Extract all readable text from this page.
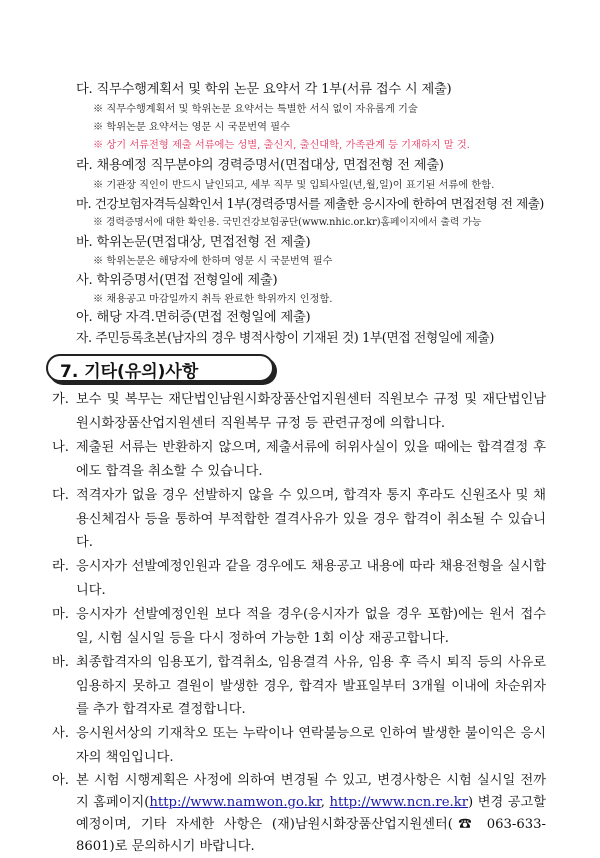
다. 직무수행계획서 및 학위 논문 요약서 각 1부(서류 접수 시 제출)
※ 직무수행계획서 및 학위논문 요약서는 특별한 서식 없이 자유롭게 기술
※ 학위논문 요약서는 영문 시 국문번역 필수
※ 상기 서류전형 제출 서류에는 성별, 출신지, 출신대학, 가족관계 등 기재하지 말 것.
라. 채용예정 직무분야의 경력증명서(면접대상, 면접전형 전 제출)
※ 기관장 직인이 반드시 날인되고, 세부 직무 및 입퇴사일(년,월,일)이 표기된 서류에 한함.
마. 건강보험자격득실확인서 1부(경력증명서를 제출한 응시자에 한하여 면접전형 전 제출)
※ 경력증명서에 대한 확인용. 국민건강보험공단(www.nhic.or.kr)홈페이지에서 출력 가능
바. 학위논문(면접대상, 면접전형 전 제출)
※ 학위논문은 해당자에 한하며 영문 시 국문번역 필수
사. 학위증명서(면접 전형일에 제출)
※ 채용공고 마감일까지 취득 완료한 학위까지 인정함.
아. 해당 자격.면허증(면접 전형일에 제출)
자. 주민등록초본(남자의 경우 병적사항이 기재된 것) 1부(면접 전형일에 제출)
7. 기타(유의)사항
가. 보수 및 복무는 재단법인남원시화장품산업지원센터 직원보수 규정 및 재단법인남원시화장품산업지원센터 직원복무 규정 등 관련규정에 의합니다.
나. 제출된 서류는 반환하지 않으며, 제출서류에 허위사실이 있을 때에는 합격결정 후에도 합격을 취소할 수 있습니다.
다. 적격자가 없을 경우 선발하지 않을 수 있으며, 합격자 통지 후라도 신원조사 및 채용신체검사 등을 통하여 부적합한 결격사유가 있을 경우 합격이 취소될 수 있습니다.
라. 응시자가 선발예정인원과 같을 경우에도 채용공고 내용에 따라 채용전형을 실시합니다.
마. 응시자가 선발예정인원 보다 적을 경우(응시자가 없을 경우 포함)에는 원서 접수일, 시험 실시일 등을 다시 정하여 가능한 1회 이상 재공고합니다.
바. 최종합격자의 임용포기, 합격취소, 임용결격 사유, 임용 후 즉시 퇴직 등의 사유로 임용하지 못하고 결원이 발생한 경우, 합격자 발표일부터 3개월 이내에 차순위자를 추가 합격자로 결정합니다.
사. 응시원서상의 기재착오 또는 누락이나 연락불능으로 인하여 발생한 불이익은 응시자의 책임입니다.
아. 본 시험 시행계획은 사정에 의하여 변경될 수 있고, 변경사항은 시험 실시일 전까지 홈페이지(http://www.namwon.go.kr, http://www.ncn.re.kr) 변경 공고할 예정이며, 기타 자세한 사항은 (재)남원시화장품산업지원센터(☎ 063-633-8601)로 문의하시기 바랍니다.
